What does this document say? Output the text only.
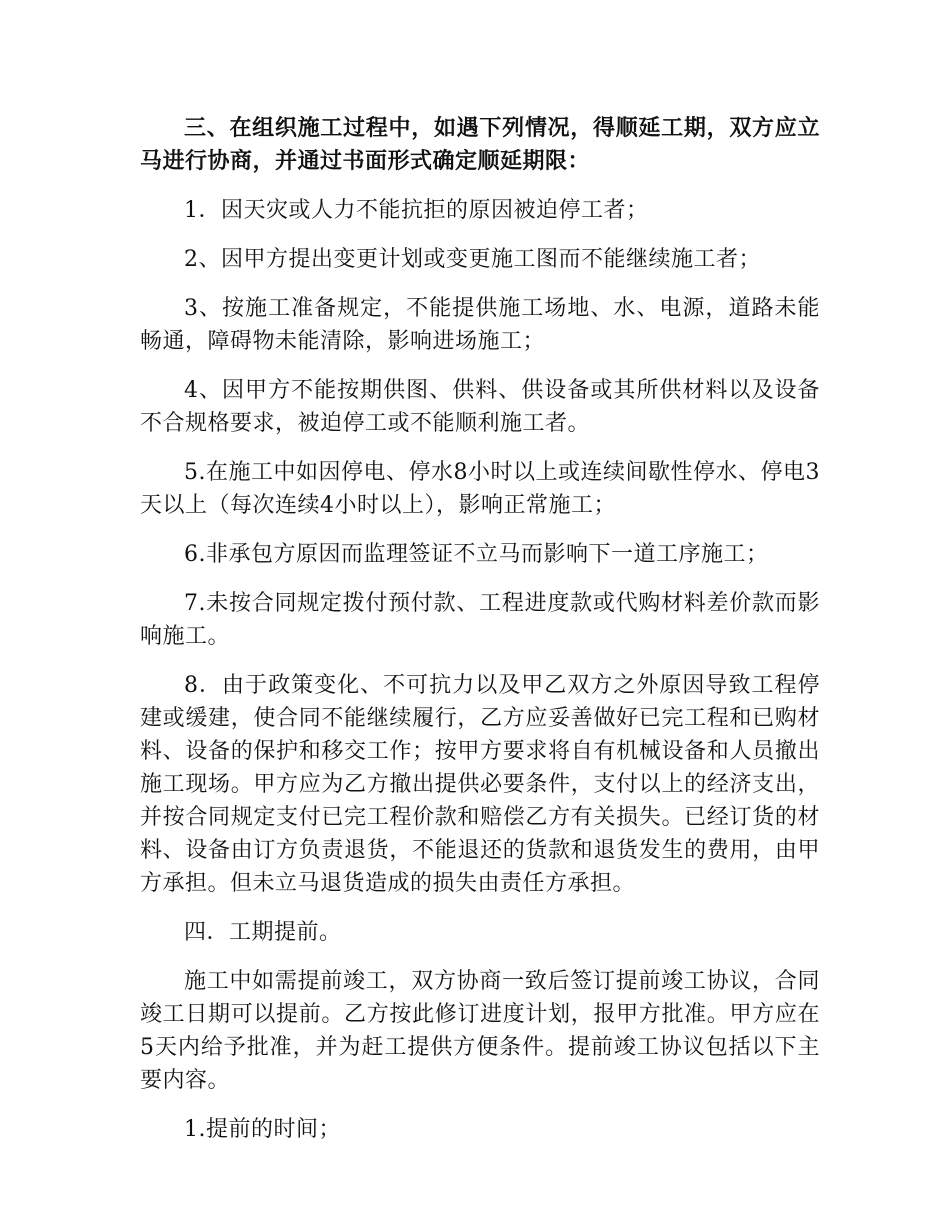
三、在组织施工过程中，如遇下列情况，得顺延工期，双方应立马进行协商，并通过书面形式确定顺延期限：

1．因天灾或人力不能抗拒的原因被迫停工者；

2、因甲方提出变更计划或变更施工图而不能继续施工者；

3、按施工准备规定，不能提供施工场地、水、电源，道路未能畅通，障碍物未能清除，影响进场施工；

4、因甲方不能按期供图、供料、供设备或其所供材料以及设备不合规格要求，被迫停工或不能顺利施工者。

5.在施工中如因停电、停水8小时以上或连续间歇性停水、停电3天以上（每次连续4小时以上），影响正常施工；

6.非承包方原因而监理签证不立马而影响下一道工序施工；

7.未按合同规定拨付预付款、工程进度款或代购材料差价款而影响施工。

8．由于政策变化、不可抗力以及甲乙双方之外原因导致工程停建或缓建，使合同不能继续履行，乙方应妥善做好已完工程和已购材料、设备的保护和移交工作；按甲方要求将自有机械设备和人员撤出施工现场。甲方应为乙方撤出提供必要条件，支付以上的经济支出，并按合同规定支付已完工程价款和赔偿乙方有关损失。已经订货的材料、设备由订方负责退货，不能退还的货款和退货发生的费用，由甲方承担。但未立马退货造成的损失由责任方承担。

四．工期提前。

施工中如需提前竣工，双方协商一致后签订提前竣工协议，合同竣工日期可以提前。乙方按此修订进度计划，报甲方批准。甲方应在5天内给予批准，并为赶工提供方便条件。提前竣工协议包括以下主要内容。

1.提前的时间；
